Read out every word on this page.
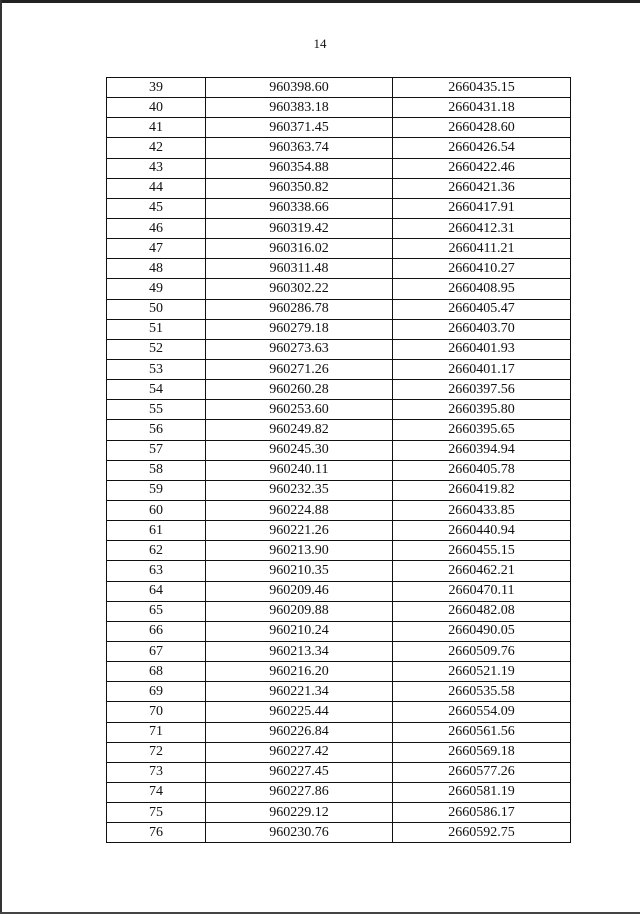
14
39	960398.60	2660435.15
40	960383.18	2660431.18
41	960371.45	2660428.60
42	960363.74	2660426.54
43	960354.88	2660422.46
44	960350.82	2660421.36
45	960338.66	2660417.91
46	960319.42	2660412.31
47	960316.02	2660411.21
48	960311.48	2660410.27
49	960302.22	2660408.95
50	960286.78	2660405.47
51	960279.18	2660403.70
52	960273.63	2660401.93
53	960271.26	2660401.17
54	960260.28	2660397.56
55	960253.60	2660395.80
56	960249.82	2660395.65
57	960245.30	2660394.94
58	960240.11	2660405.78
59	960232.35	2660419.82
60	960224.88	2660433.85
61	960221.26	2660440.94
62	960213.90	2660455.15
63	960210.35	2660462.21
64	960209.46	2660470.11
65	960209.88	2660482.08
66	960210.24	2660490.05
67	960213.34	2660509.76
68	960216.20	2660521.19
69	960221.34	2660535.58
70	960225.44	2660554.09
71	960226.84	2660561.56
72	960227.42	2660569.18
73	960227.45	2660577.26
74	960227.86	2660581.19
75	960229.12	2660586.17
76	960230.76	2660592.75
